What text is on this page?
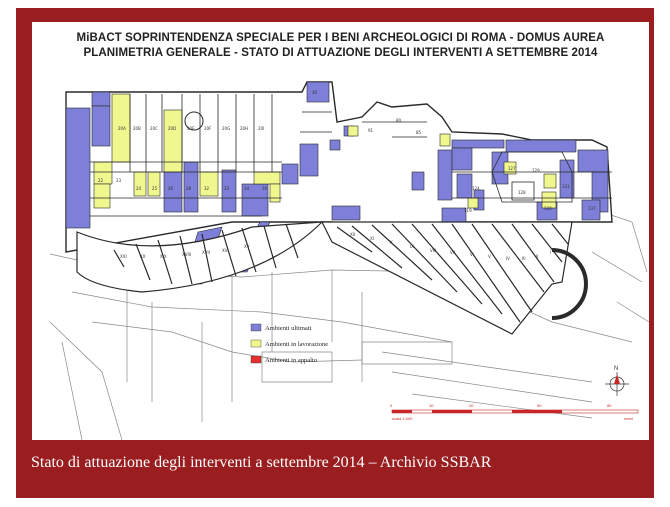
MiBACT SOPRINTENDENZA SPECIALE PER I BENI ARCHEOLOGICI DI ROMA - DOMUS AUREA
PLANIMETRIA GENERALE - STATO DI ATTUAZIONE DEGLI INTERVENTI A SETTEMBRE 2014
20A 20B 20C	20D	20E 20F	20G 20H 20I
30
22	23
24	26
25	28	32	33	34	36
80
85
91
127	129
128
124	131
119	130	137
XXI	XX	XIX	XVIII	XVII	XVI
XV
XII
XI
X
IX
VIII	VII	VI	V	IV	III	II
I
Ambienti ultimati
Ambienti in lavorazione
Ambienti in appalto
N
0	10	20	50	80
scala 1:000	metri
Stato di attuazione degli interventi a settembre 2014 – Archivio SSBAR
